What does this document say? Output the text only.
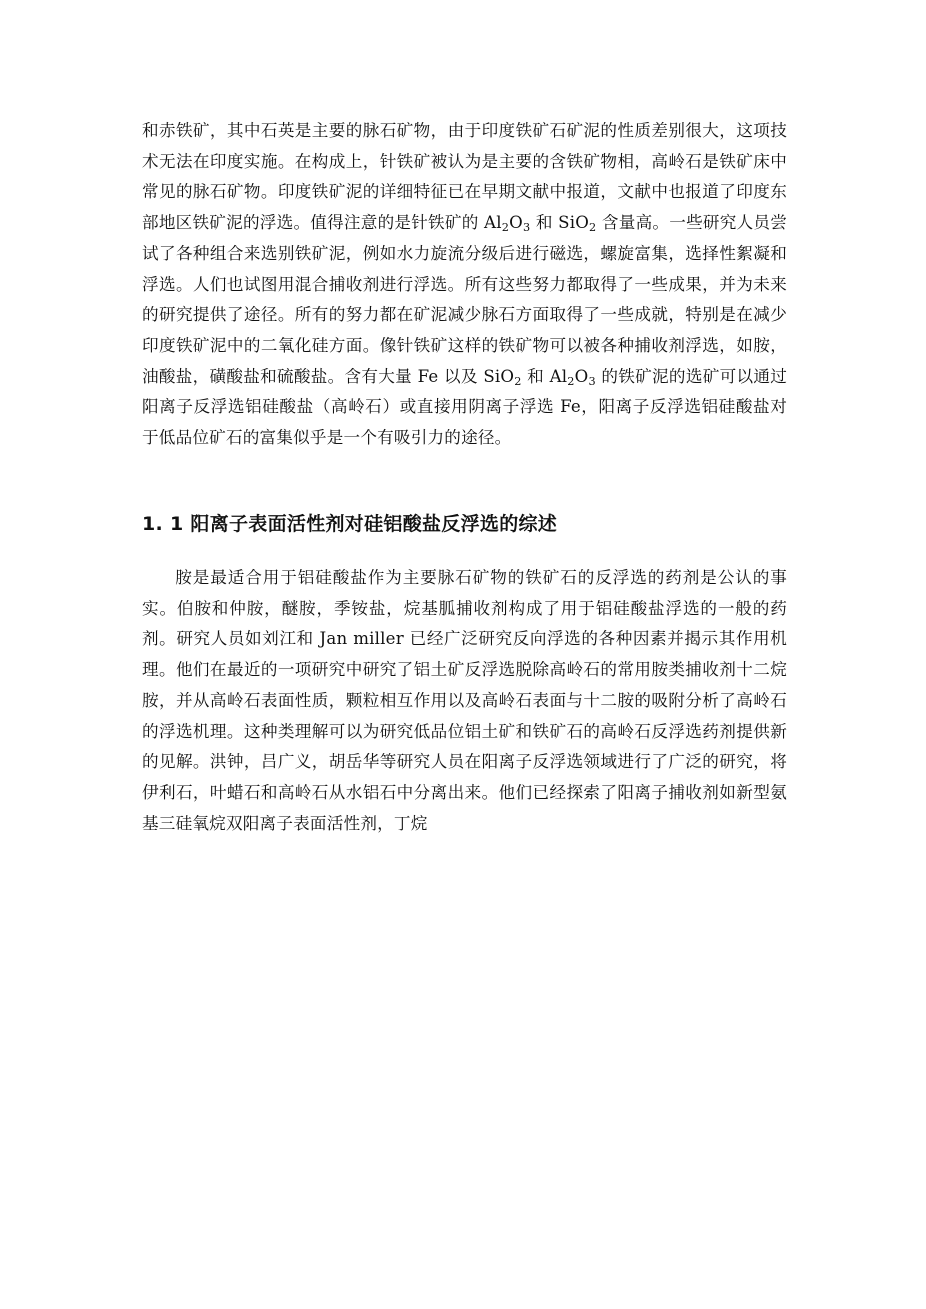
和赤铁矿，其中石英是主要的脉石矿物，由于印度铁矿石矿泥的性质差别很大，这项技术无法在印度实施。在构成上，针铁矿被认为是主要的含铁矿物相，高岭石是铁矿床中常见的脉石矿物。印度铁矿泥的详细特征已在早期文献中报道，文献中也报道了印度东部地区铁矿泥的浮选。值得注意的是针铁矿的 $Al_2O_3$ 和 SiO$_2$ 含量高。一些研究人员尝试了各种组合来选别铁矿泥，例如水力旋流分级后进行磁选，螺旋富集，选择性絮凝和浮选。人们也试图用混合捕收剂进行浮选。所有这些努力都取得了一些成果，并为未来的研究提供了途径。所有的努力都在矿泥减少脉石方面取得了一些成就，特别是在减少印度铁矿泥中的二氧化硅方面。像针铁矿这样的铁矿物可以被各种捕收剂浮选，如胺，油酸盐，磺酸盐和硫酸盐。含有大量 Fe 以及 SiO$_2$ 和 $Al_2O_3$ 的铁矿泥的选矿可以通过阳离子反浮选铝硅酸盐（高岭石）或直接用阴离子浮选 Fe，阳离子反浮选铝硅酸盐对于低品位矿石的富集似乎是一个有吸引力的途径。
1. 1 阳离子表面活性剂对硅铝酸盐反浮选的综述
胺是最适合用于铝硅酸盐作为主要脉石矿物的铁矿石的反浮选的药剂是公认的事实。伯胺和仲胺，醚胺，季铵盐，烷基胍捕收剂构成了用于铝硅酸盐浮选的一般的药剂。研究人员如刘江和 Jan miller 已经广泛研究反向浮选的各种因素并揭示其作用机理。他们在最近的一项研究中研究了铝土矿反浮选脱除高岭石的常用胺类捕收剂十二烷胺，并从高岭石表面性质，颗粒相互作用以及高岭石表面与十二胺的吸附分析了高岭石的浮选机理。这种类理解可以为研究低品位铝土矿和铁矿石的高岭石反浮选药剂提供新的见解。洪钟，吕广义，胡岳华等研究人员在阳离子反浮选领域进行了广泛的研究，将伊利石，叶蜡石和高岭石从水铝石中分离出来。他们已经探索了阳离子捕收剂如新型氨基三硅氧烷双阳离子表面活性剂，丁烷
